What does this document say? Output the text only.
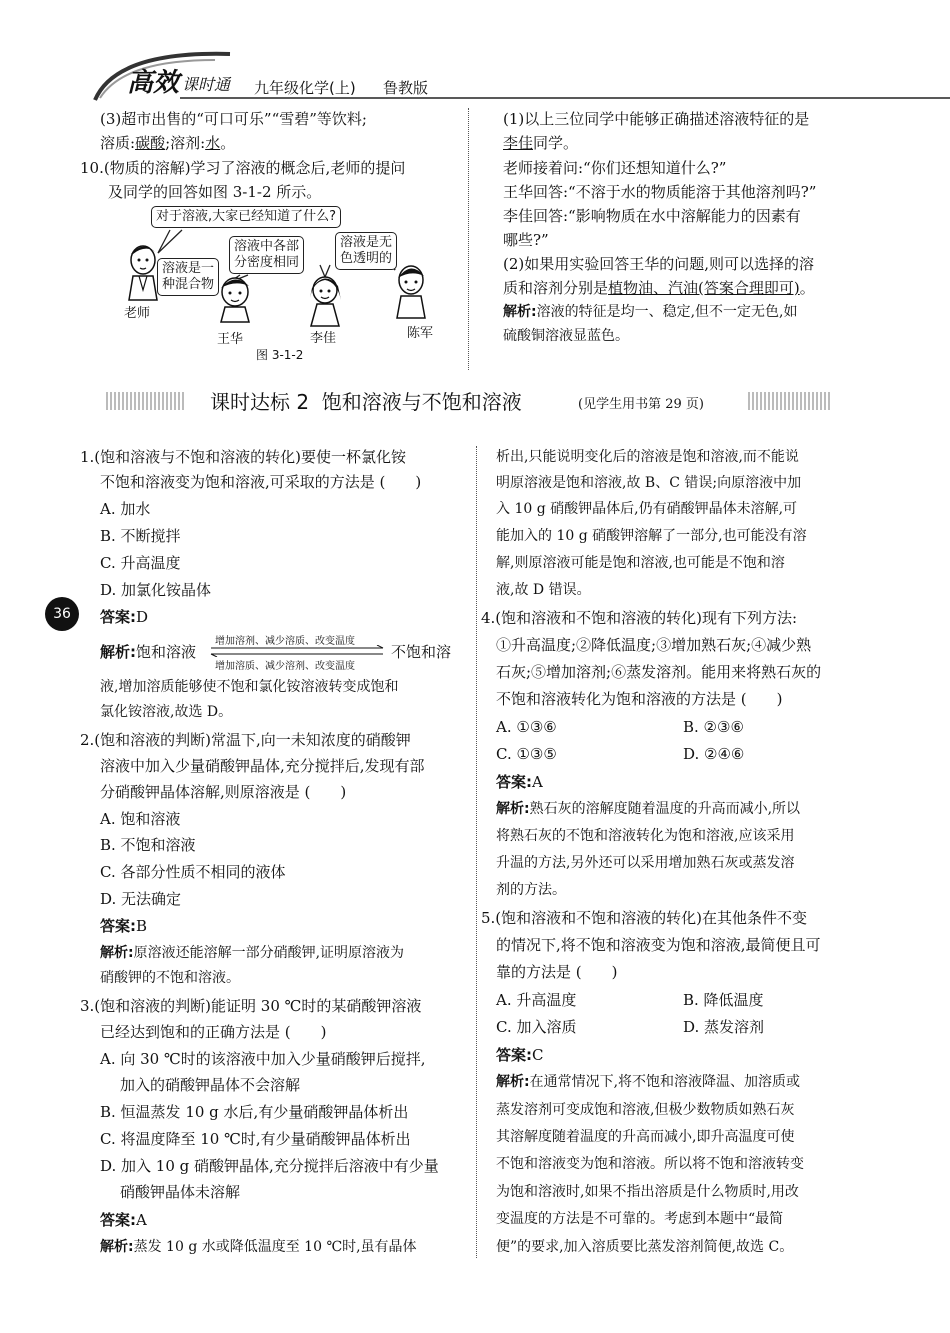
高效 课时通 九年级化学(上) 鲁教版
36
(3)超市出售的“可口可乐”“雪碧”等饮料;
溶质:碳酸;溶剂:水。
10.(物质的溶解)学习了溶液的概念后,老师的提问
及同学的回答如图 3-1-2 所示。
对于溶液,大家已经知道了什么?
溶液是一
种混合物
溶液中各部
分密度相同
溶液是无
色透明的
老师
王华	李佳	陈军
图 3-1-2
(1)以上三位同学中能够正确描述溶液特征的是
李佳同学。
老师接着问:“你们还想知道什么?”
王华回答:“不溶于水的物质能溶于其他溶剂吗?”
李佳回答:“影响物质在水中溶解能力的因素有
哪些?”
(2)如果用实验回答王华的问题,则可以选择的溶
质和溶剂分别是植物油、汽油(答案合理即可)。
解析:溶液的特征是均一、稳定,但不一定无色,如
硫酸铜溶液显蓝色。
课时达标 2  饱和溶液与不饱和溶液	(见学生用书第 29 页)
1.(饱和溶液与不饱和溶液的转化)要使一杯氯化铵
不饱和溶液变为饱和溶液,可采取的方法是 (　　)
A. 加水
B. 不断搅拌
C. 升高温度
D. 加氯化铵晶体
答案:D
解析:饱和溶液
增加溶剂、减少溶质、改变温度
增加溶质、减少溶剂、改变温度
不饱和溶
液,增加溶质能够使不饱和氯化铵溶液转变成饱和
氯化铵溶液,故选 D。
2.(饱和溶液的判断)常温下,向一未知浓度的硝酸钾
溶液中加入少量硝酸钾晶体,充分搅拌后,发现有部
分硝酸钾晶体溶解,则原溶液是 (　　)
A. 饱和溶液
B. 不饱和溶液
C. 各部分性质不相同的液体
D. 无法确定
答案:B
解析:原溶液还能溶解一部分硝酸钾,证明原溶液为
硝酸钾的不饱和溶液。
3.(饱和溶液的判断)能证明 30 ℃时的某硝酸钾溶液
已经达到饱和的正确方法是 (　　)
A. 向 30 ℃时的该溶液中加入少量硝酸钾后搅拌,
加入的硝酸钾晶体不会溶解
B. 恒温蒸发 10 g 水后,有少量硝酸钾晶体析出
C. 将温度降至 10 ℃时,有少量硝酸钾晶体析出
D. 加入 10 g 硝酸钾晶体,充分搅拌后溶液中有少量
硝酸钾晶体未溶解
答案:A
解析:蒸发 10 g 水或降低温度至 10 ℃时,虽有晶体
析出,只能说明变化后的溶液是饱和溶液,而不能说
明原溶液是饱和溶液,故 B、C 错误;向原溶液中加
入 10 g 硝酸钾晶体后,仍有硝酸钾晶体未溶解,可
能加入的 10 g 硝酸钾溶解了一部分,也可能没有溶
解,则原溶液可能是饱和溶液,也可能是不饱和溶
液,故 D 错误。
4.(饱和溶液和不饱和溶液的转化)现有下列方法:
①升高温度;②降低温度;③增加熟石灰;④减少熟
石灰;⑤增加溶剂;⑥蒸发溶剂。能用来将熟石灰的
不饱和溶液转化为饱和溶液的方法是 (　　)
A. ①③⑥	B. ②③⑥
C. ①③⑤	D. ②④⑥
答案:A
解析:熟石灰的溶解度随着温度的升高而减小,所以
将熟石灰的不饱和溶液转化为饱和溶液,应该采用
升温的方法,另外还可以采用增加熟石灰或蒸发溶
剂的方法。
5.(饱和溶液和不饱和溶液的转化)在其他条件不变
的情况下,将不饱和溶液变为饱和溶液,最简便且可
靠的方法是 (　　)
A. 升高温度	B. 降低温度
C. 加入溶质	D. 蒸发溶剂
答案:C
解析:在通常情况下,将不饱和溶液降温、加溶质或
蒸发溶剂可变成饱和溶液,但极少数物质如熟石灰
其溶解度随着温度的升高而减小,即升高温度可使
不饱和溶液变为饱和溶液。所以将不饱和溶液转变
为饱和溶液时,如果不指出溶质是什么物质时,用改
变温度的方法是不可靠的。考虑到本题中“最简
便”的要求,加入溶质要比蒸发溶剂简便,故选 C。
